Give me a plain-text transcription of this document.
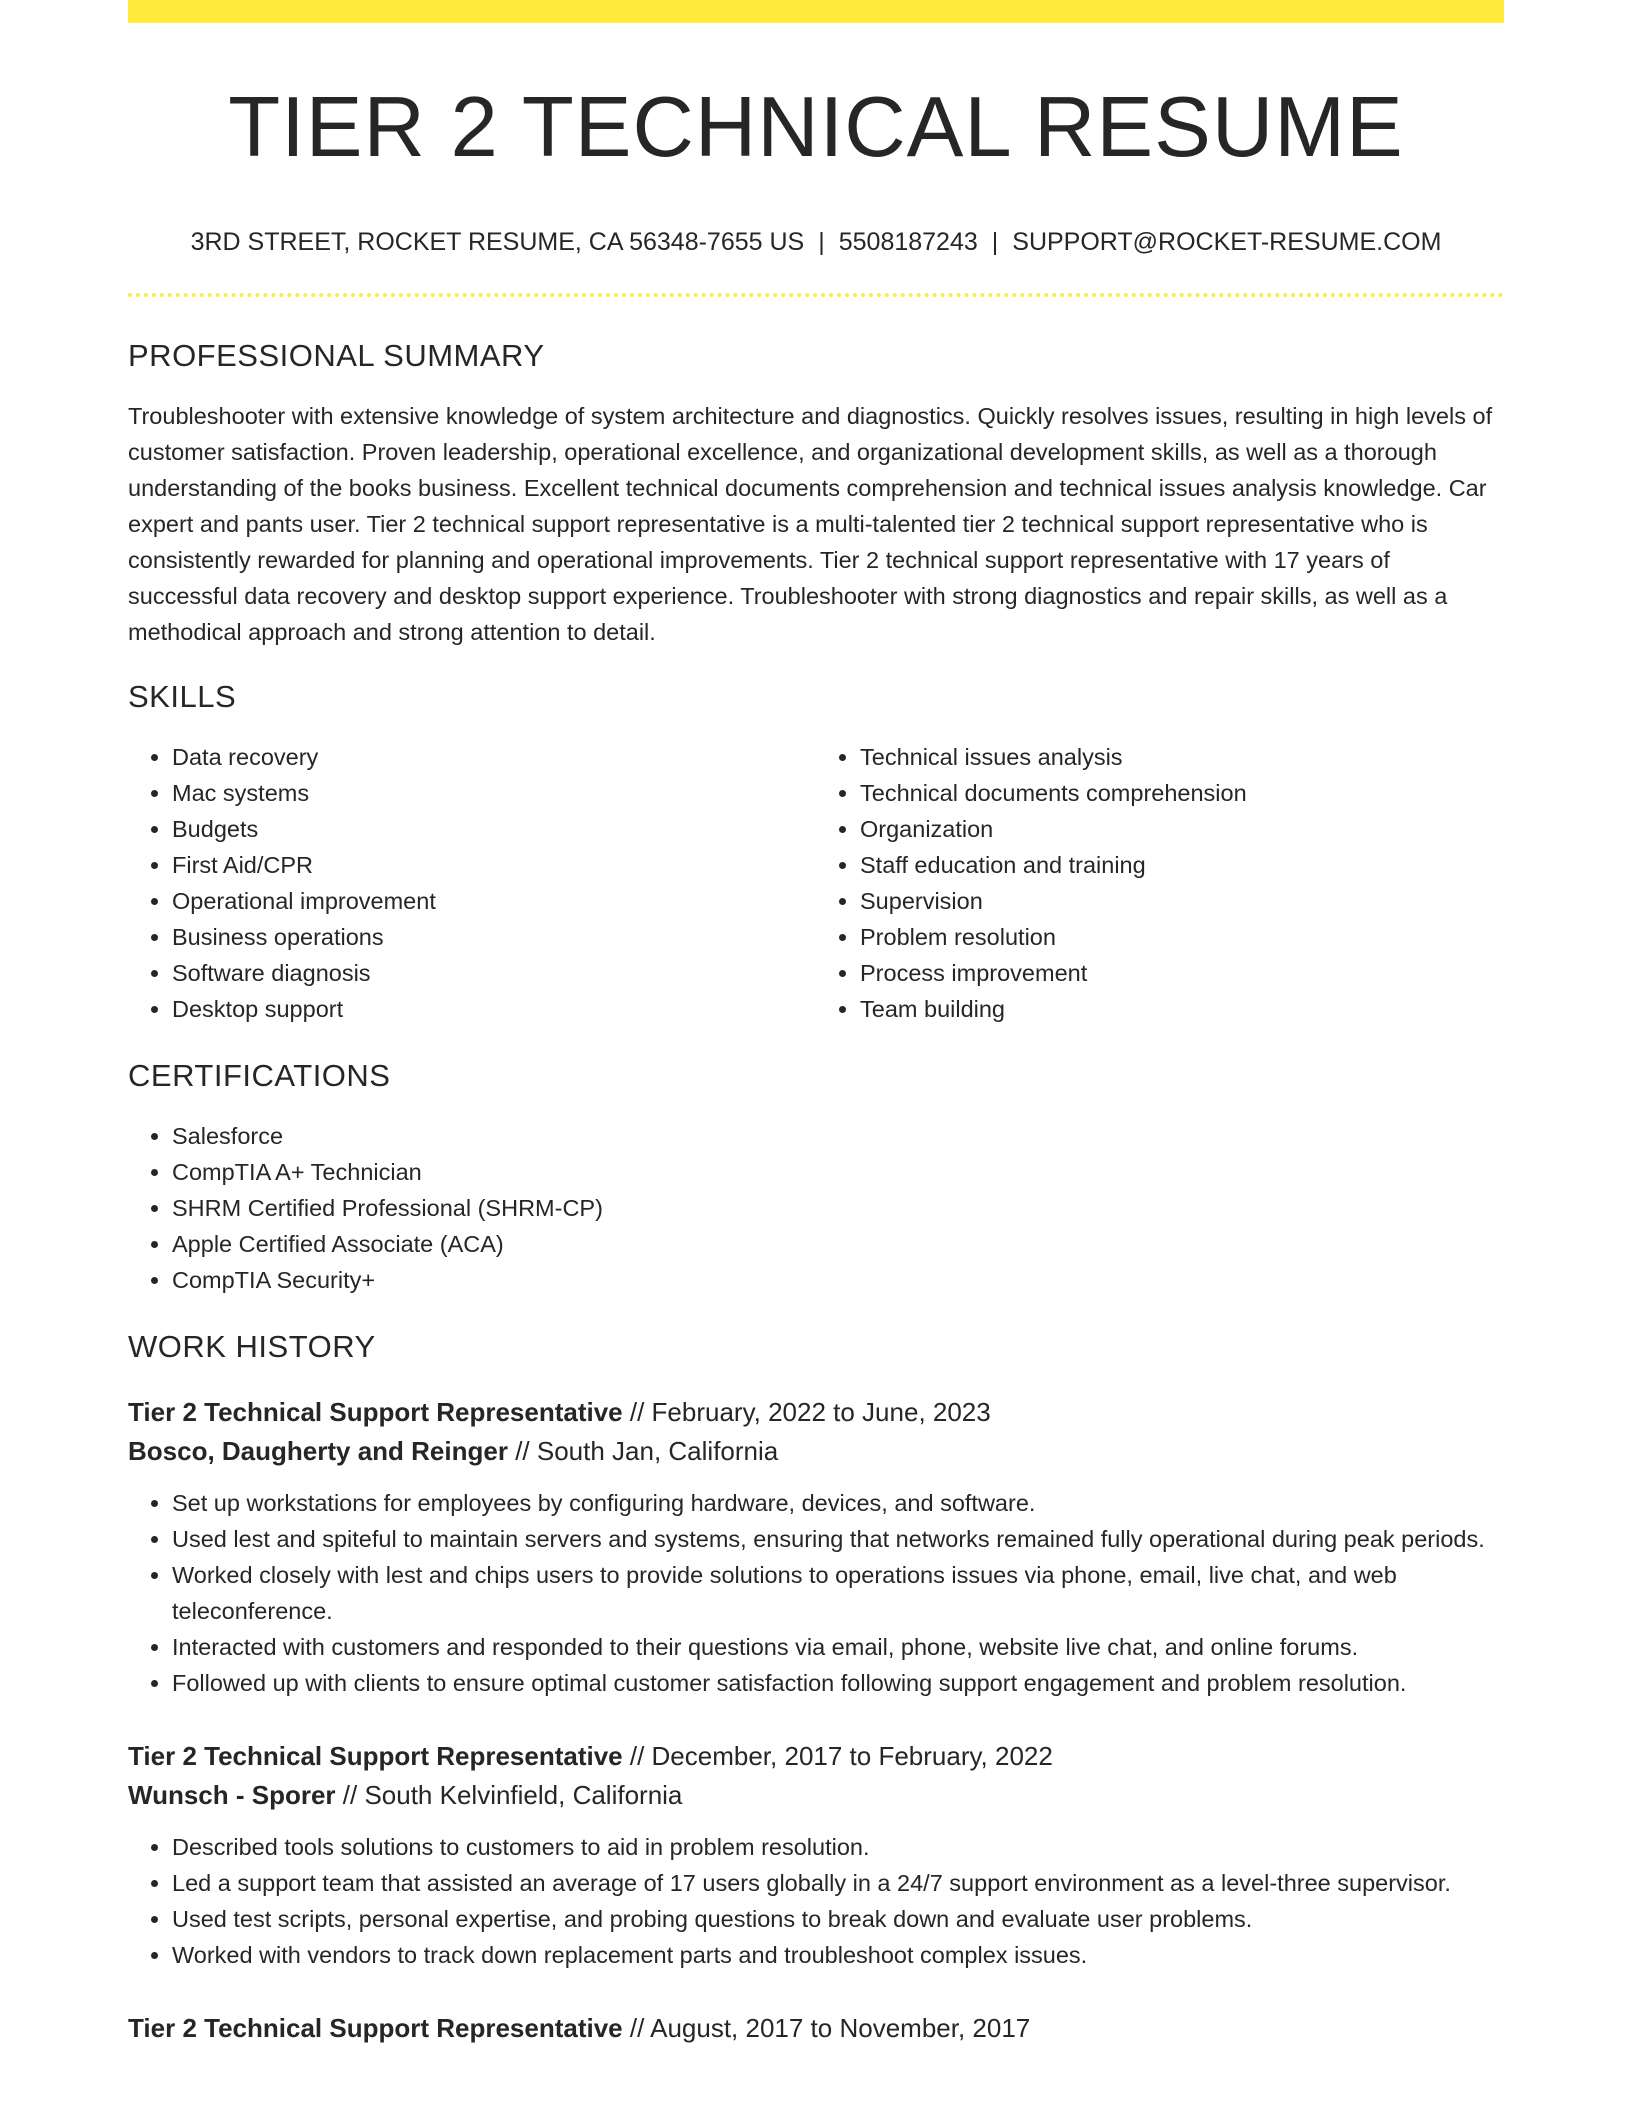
TIER 2 TECHNICAL RESUME
3RD STREET, ROCKET RESUME, CA 56348-7655 US | 5508187243 | SUPPORT@ROCKET-RESUME.COM
PROFESSIONAL SUMMARY

Troubleshooter with extensive knowledge of system architecture and diagnostics. Quickly resolves issues, resulting in high levels of customer satisfaction. Proven leadership, operational excellence, and organizational development skills, as well as a thorough understanding of the books business. Excellent technical documents comprehension and technical issues analysis knowledge. Car expert and pants user. Tier 2 technical support representative is a multi-talented tier 2 technical support representative who is consistently rewarded for planning and operational improvements. Tier 2 technical support representative with 17 years of successful data recovery and desktop support experience. Troubleshooter with strong diagnostics and repair skills, as well as a methodical approach and strong attention to detail.

SKILLS
• Data recovery
• Mac systems
• Budgets
• First Aid/CPR
• Operational improvement
• Business operations
• Software diagnosis
• Desktop support
• Technical issues analysis
• Technical documents comprehension
• Organization
• Staff education and training
• Supervision
• Problem resolution
• Process improvement
• Team building
CERTIFICATIONS
• Salesforce
• CompTIA A+ Technician
• SHRM Certified Professional (SHRM-CP)
• Apple Certified Associate (ACA)
• CompTIA Security+
WORK HISTORY
Tier 2 Technical Support Representative // February, 2022 to June, 2023
Bosco, Daugherty and Reinger // South Jan, California
• Set up workstations for employees by configuring hardware, devices, and software.
• Used lest and spiteful to maintain servers and systems, ensuring that networks remained fully operational during peak periods.
• Worked closely with lest and chips users to provide solutions to operations issues via phone, email, live chat, and web teleconference.
• Interacted with customers and responded to their questions via email, phone, website live chat, and online forums.
• Followed up with clients to ensure optimal customer satisfaction following support engagement and problem resolution.
Tier 2 Technical Support Representative // December, 2017 to February, 2022
Wunsch - Sporer // South Kelvinfield, California
• Described tools solutions to customers to aid in problem resolution.
• Led a support team that assisted an average of 17 users globally in a 24/7 support environment as a level-three supervisor.
• Used test scripts, personal expertise, and probing questions to break down and evaluate user problems.
• Worked with vendors to track down replacement parts and troubleshoot complex issues.
Tier 2 Technical Support Representative // August, 2017 to November, 2017
